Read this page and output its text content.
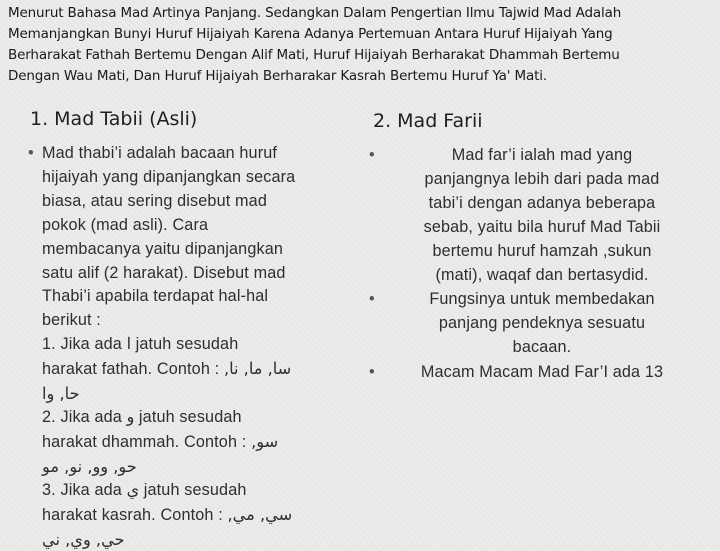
Menurut Bahasa Mad Artinya Panjang. Sedangkan Dalam Pengertian Ilmu Tajwid Mad Adalah
Memanjangkan Bunyi Huruf Hijaiyah Karena Adanya Pertemuan Antara Huruf Hijaiyah Yang
Berharakat Fathah Bertemu Dengan Alif Mati, Huruf Hijaiyah Berharakat Dhammah Bertemu
Dengan Wau Mati, Dan Huruf Hijaiyah Berharakar Kasrah Bertemu Huruf Ya' Mati.
1. Mad Tabii (Asli)
• Mad thabi’i adalah bacaan huruf
hijaiyah yang dipanjangkan secara
biasa, atau sering disebut mad
pokok (mad asli). Cara
membacanya yaitu dipanjangkan
satu alif (2 harakat). Disebut mad
Thabi’i apabila terdapat hal-hal
berikut :
1. Jika ada ا jatuh sesudah
harakat fathah. Contoh : سا, ما, نا,
حا, وا
2. Jika ada و jatuh sesudah
harakat dhammah. Contoh : سو,
حو, وو, نو, مو
3. Jika ada ي jatuh sesudah
harakat kasrah. Contoh : سي, مي,
حي, وي, ني
2. Mad Farii
•	Mad far’i ialah mad yang
panjangnya lebih dari pada mad
tabi’i dengan adanya beberapa
sebab, yaitu bila huruf Mad Tabii
bertemu huruf hamzah ,sukun
(mati), waqaf dan bertasydid.
•	Fungsinya untuk membedakan
panjang pendeknya sesuatu
bacaan.
•	Macam Macam Mad Far’I ada 13
